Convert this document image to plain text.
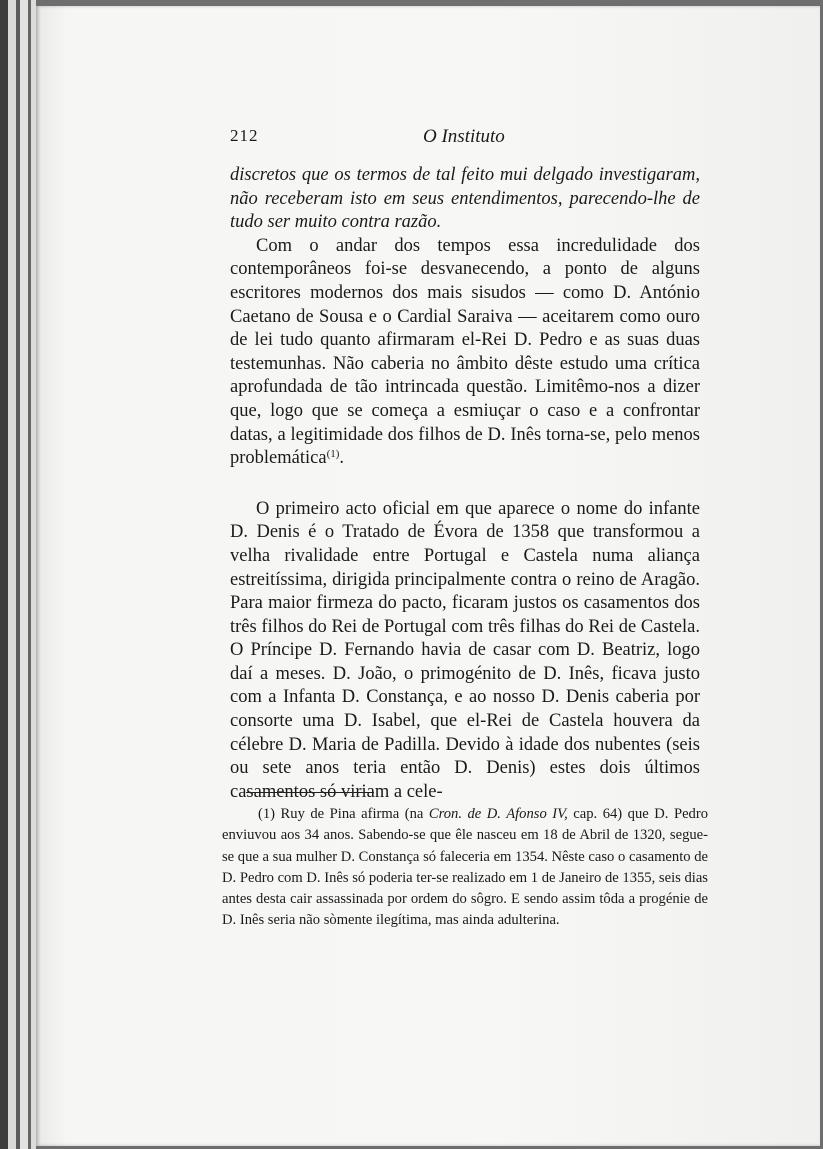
212	O Instituto

discretos que os termos de tal feito mui delgado investigaram, não receberam isto em seus entendimentos, parecendo-lhe de tudo ser muito contra razão.

Com o andar dos tempos essa incredulidade dos contemporâneos foi-se desvanecendo, a ponto de alguns escritores modernos dos mais sisudos — como D. António Caetano de Sousa e o Cardial Saraiva — aceitarem como ouro de lei tudo quanto afirmaram el-Rei D. Pedro e as suas duas testemunhas. Não caberia no âmbito dêste estudo uma crítica aprofundada de tão intrincada questão. Limitêmo-nos a dizer que, logo que se começa a esmiuçar o caso e a confrontar datas, a legitimidade dos filhos de D. Inês torna-se, pelo menos problemática$^{(1)}$.

O primeiro acto oficial em que aparece o nome do infante D. Denis é o Tratado de Évora de 1358 que transformou a velha rivalidade entre Portugal e Castela numa aliança estreitíssima, dirigida principalmente contra o reino de Aragão. Para maior firmeza do pacto, ficaram justos os casamentos dos três filhos do Rei de Portugal com três filhas do Rei de Castela. O Príncipe D. Fernando havia de casar com D. Beatriz, logo daí a meses. D. João, o primogénito de D. Inês, ficava justo com a Infanta D. Constança, e ao nosso D. Denis caberia por consorte uma D. Isabel, que el-Rei de Castela houvera da célebre D. Maria de Padilla. Devido à idade dos nubentes (seis ou sete anos teria então D. Denis) estes dois últimos casamentos só viriam a cele-

(1) Ruy de Pina afirma (na Cron. de D. Afonso IV, cap. 64) que D. Pedro enviuvou aos 34 anos. Sabendo-se que êle nasceu em 18 de Abril de 1320, segue-se que a sua mulher D. Constança só faleceria em 1354. Nêste caso o casamento de D. Pedro com D. Inês só poderia ter-se realizado em 1 de Janeiro de 1355, seis dias antes desta cair assassinada por ordem do sôgro. E sendo assim tôda a progénie de D. Inês seria não sòmente ilegítima, mas ainda adulterina.
